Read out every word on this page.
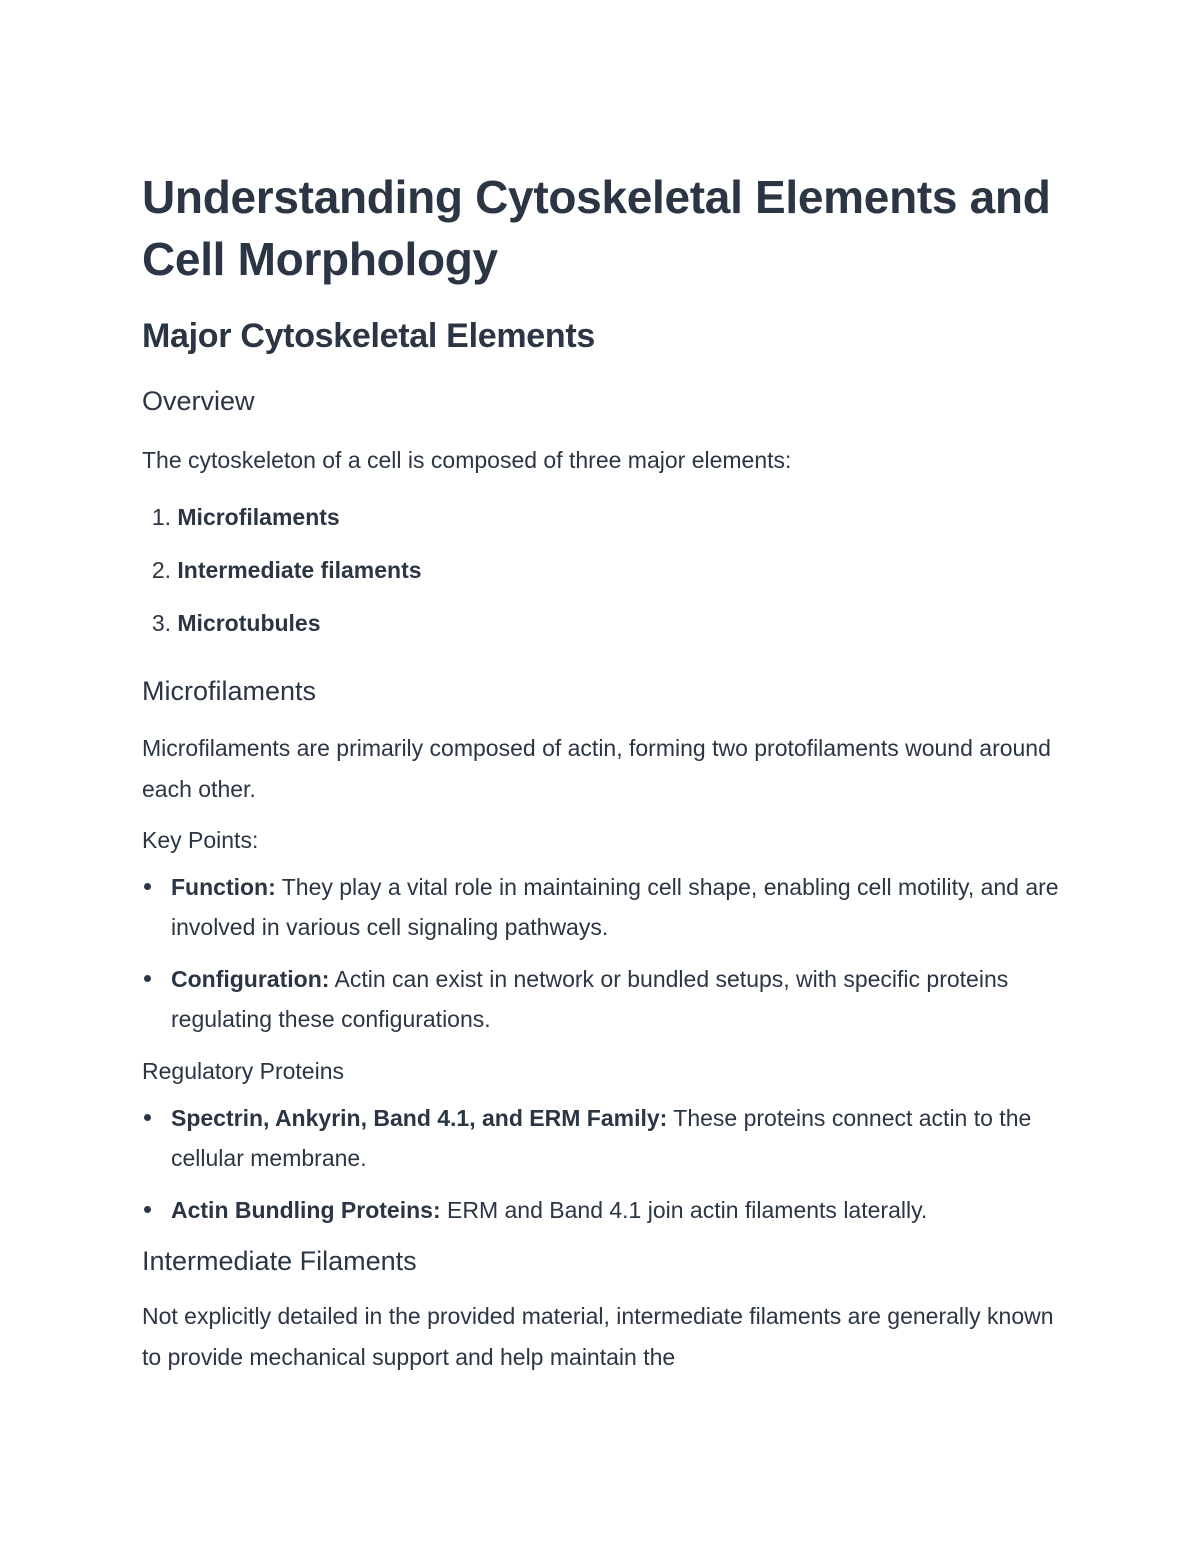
Understanding Cytoskeletal Elements and Cell Morphology
Major Cytoskeletal Elements
Overview

The cytoskeleton of a cell is composed of three major elements:

1.
Microfilaments
2.
Intermediate filaments
3.
Microtubules
Microfilaments

Microfilaments are primarily composed of actin, forming two protofilaments wound around each other.

Key Points:

Function: They play a vital role in maintaining cell shape, enabling cell motility, and are involved in various cell signaling pathways.
Configuration: Actin can exist in network or bundled setups, with specific proteins regulating these configurations.

Regulatory Proteins

Spectrin, Ankyrin, Band 4.1, and ERM Family: These proteins connect actin to the cellular membrane.
Actin Bundling Proteins: ERM and Band 4.1 join actin filaments laterally.
Intermediate Filaments

Not explicitly detailed in the provided material, intermediate filaments are generally known to provide mechanical support and help maintain the
